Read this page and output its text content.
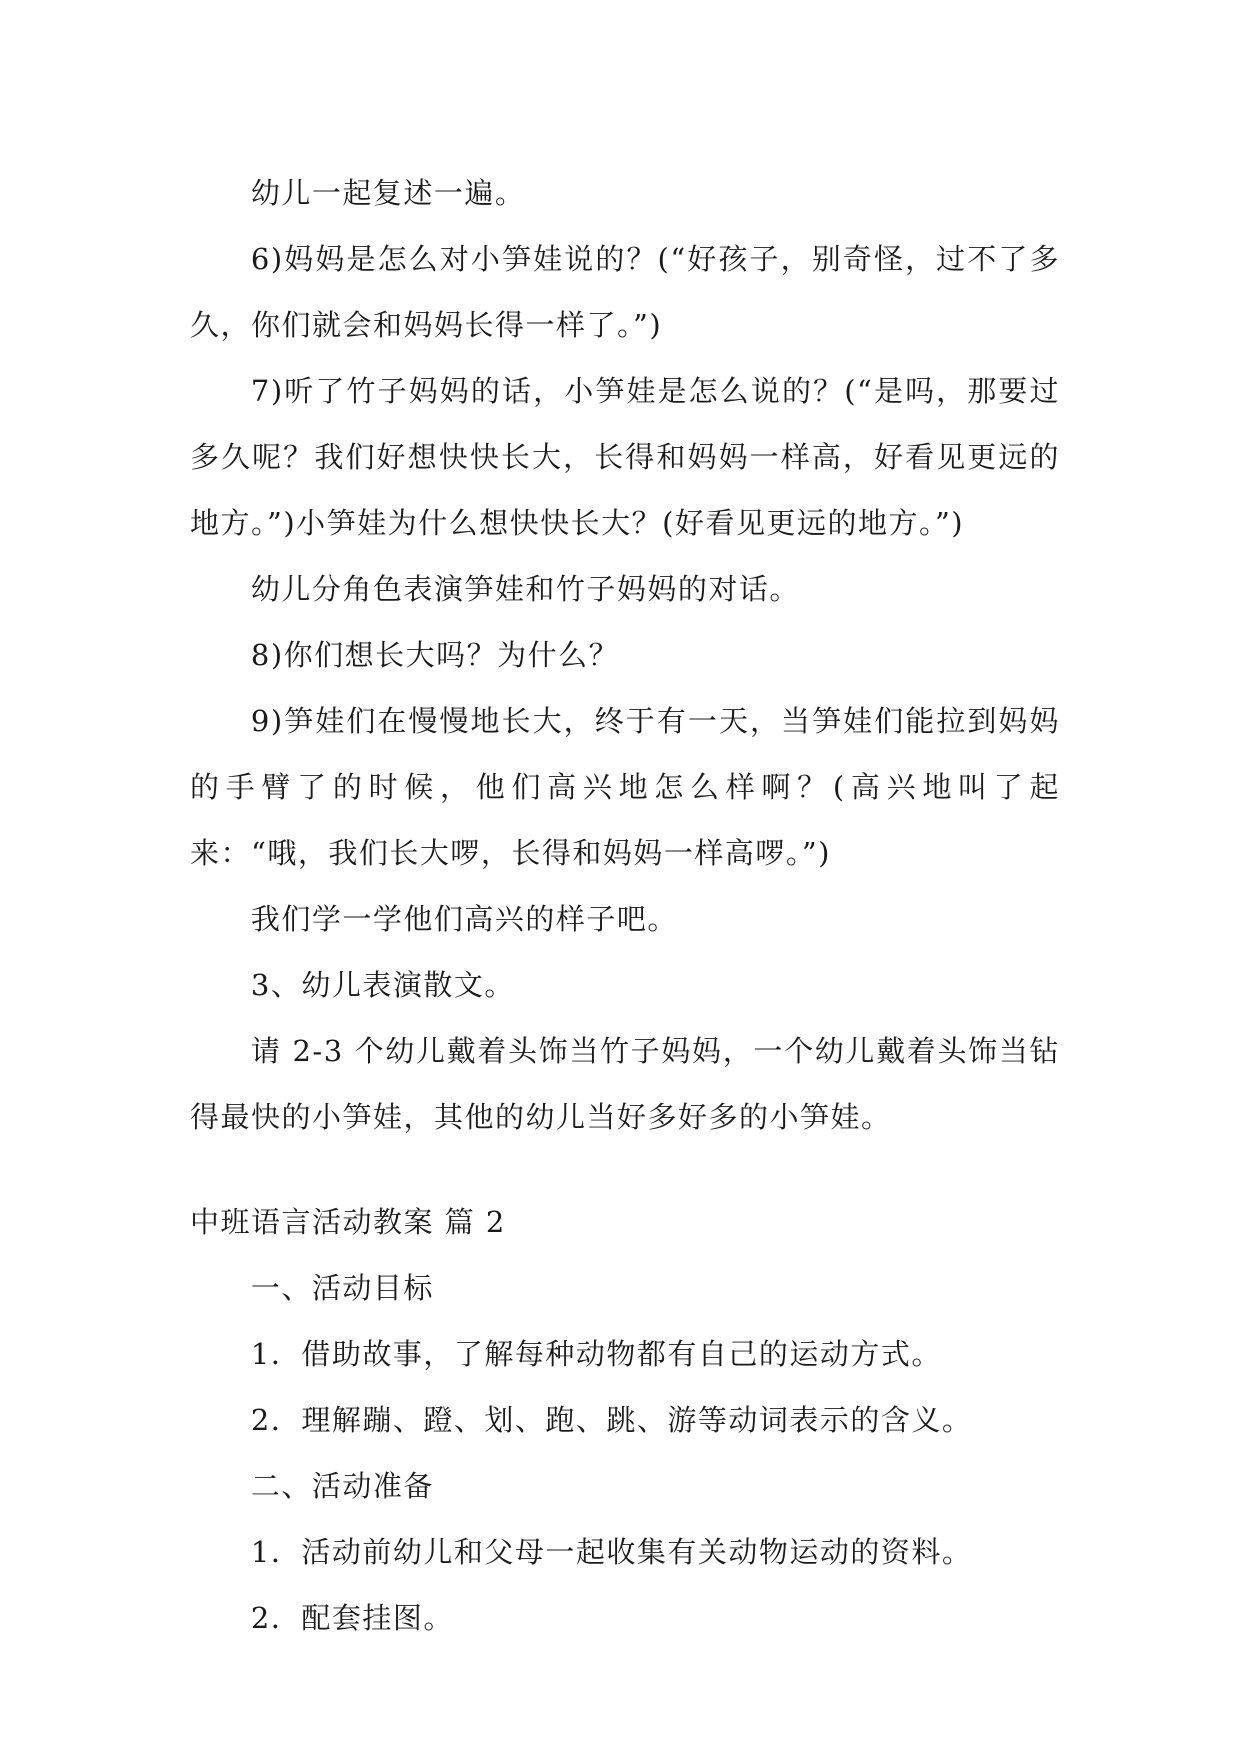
幼儿一起复述一遍。

6)妈妈是怎么对小笋娃说的？(“好孩子，别奇怪，过不了多久，你们就会和妈妈长得一样了。”)

7)听了竹子妈妈的话，小笋娃是怎么说的？(“是吗，那要过多久呢？我们好想快快长大，长得和妈妈一样高，好看见更远的地方。”)小笋娃为什么想快快长大？(好看见更远的地方。”)

幼儿分角色表演笋娃和竹子妈妈的对话。

8)你们想长大吗？为什么？

9)笋娃们在慢慢地长大，终于有一天，当笋娃们能拉到妈妈的手臂了的时候，他们高兴地怎么样啊？(高兴地叫了起来：“哦，我们长大啰，长得和妈妈一样高啰。”)

我们学一学他们高兴的样子吧。

3、幼儿表演散文。

请 2-3 个幼儿戴着头饰当竹子妈妈，一个幼儿戴着头饰当钻得最快的小笋娃，其他的幼儿当好多好多的小笋娃。

中班语言活动教案 篇 2

一、活动目标

1．借助故事，了解每种动物都有自己的运动方式。

2．理解蹦、蹬、划、跑、跳、游等动词表示的含义。

二、活动准备

1．活动前幼儿和父母一起收集有关动物运动的资料。

2．配套挂图。
